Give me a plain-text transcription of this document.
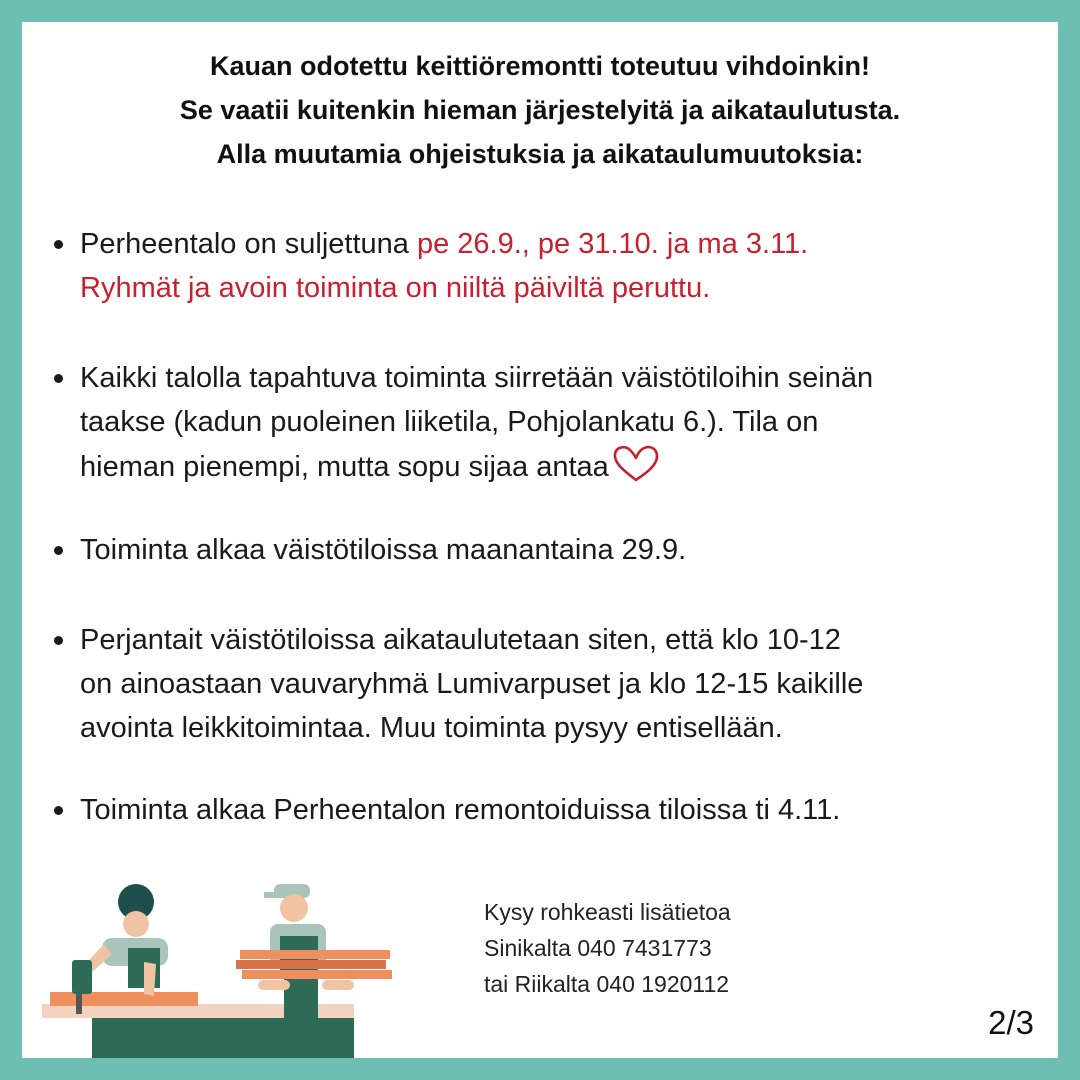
Kauan odotettu keittiöremontti toteutuu vihdoinkin!
Se vaatii kuitenkin hieman järjestelyitä ja aikataulutusta.
Alla muutamia ohjeistuksia ja aikataulumuutoksia:
Perheentalo on suljettuna pe 26.9., pe 31.10. ja ma 3.11.
Ryhmät ja avoin toiminta on niiltä päiviltä peruttu.
Kaikki talolla tapahtuva toiminta siirretään väistötiloihin seinän
taakse (kadun puoleinen liiketila, Pohjolankatu 6.). Tila on
hieman pienempi, mutta sopu sijaa antaa
Toiminta alkaa väistötiloissa maanantaina 29.9.
Perjantait väistötiloissa aikataulutetaan siten, että klo 10-12
on ainoastaan vauvaryhmä Lumivarpuset ja klo 12-15 kaikille
avointa leikkitoimintaa. Muu toiminta pysyy entisellään.
Toiminta alkaa Perheentalon remontoiduissa tiloissa ti 4.11.
Kysy rohkeasti lisätietoa
Sinikalta 040 7431773
tai Riikalta 040 1920112
2/3
